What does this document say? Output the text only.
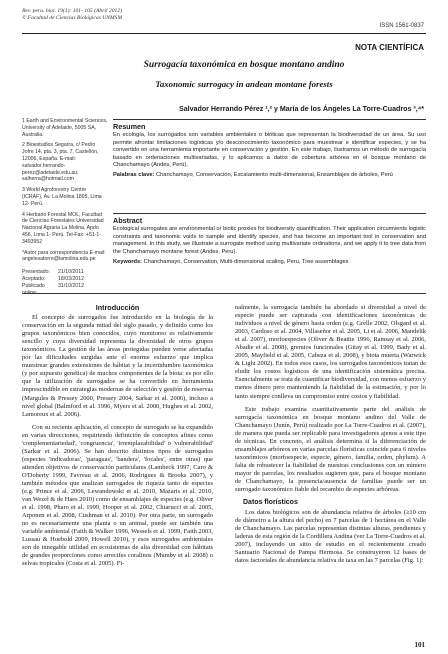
Rev. peru. biol. 19(1): 101- 105 (Abril 2012)
© Facultad de Ciencias Biológicas UNMSM
ISSN 1561-0837
NOTA CIENTÍFICA
Surrogacía taxonómica en bosque montano andino
Taxonomic surrogacy in andean montane forests
Salvador Herrando Pérez ¹,² y María de los Ángeles La Torre-Cuadros ³,⁴*

1 Earth and Environmental Sciences, University of Adelaide, 5005 SA, Australia.

2 Bioestudios Segarra, c/ Pedro Jofre 14, pta. 3, pta. 7, Castellón, 12006, España. E-mail: salvador.herrando-perez@adelaide.edu.au; salherra@hotmail.com

3 World Agroforestry Centre (ICRAF), Av. La Molina 1895, Lima 12- Perú.

4 Herbario Forestal MOL, Facultad de Ciencias Forestales Universidad Nacional Agraria La Molina, Apdo 456, Lima 1- Perú. Tel-Fax: +51-1-3493952

*Autor para correspondencia E-mail: angelesatorre@lamolina.edu.pe

Presentado:	21/10/2011
Aceptado:	18/03/2012
Publicado online:
31/10/2012
Resumen
En ecología, los surrogados son variables ambientales o bióticas que representan la biodiversidad de un área. Su uso permite afrontar limitaciones logísticas y/o desconocimiento taxonómico para muestrear e identificar especies, y se ha convertido en una herramienta importante en conservación y gestión. En este trabajo, ilustramos un método de surrogacía basado en ordenaciones multivariadas, y lo aplicamos a datos de cobertura arbórea en el bosque montano de Chanchamayo (Andes, Perú).
Palabras clave: Chanchamayo, Conservación, Escalamiento multi-dimensional, Ensamblajes de árboles, Perú
Abstract
Ecological surrogates are environmental or biotic proxies for biodiversity quantification. Their application circumvents logistic constraints and taxonomic voids to sample and identify species, and has become an important tool in conservation and management. In this study, we illustrate a surrogate method using multivariate ordinations, and we apply it to tree data from the Chanchamayo montane forest (Andes, Peru).
Keywords: Chanchamayo, Conservation, Multi-dimensional scaling, Peru, Tree assemblages
Introducción

El concepto de surrogados fue introducido en la biología de la conservación en la segunda mitad del siglo pasado, y definido como los grupos taxonómicos bien conocidos, cuyo monitoreo es relativamente sencillo y cuya diversidad representa la diversidad de otros grupos taxonómicos. La gestión de las áreas protegidas pueden verse afectadas por las dificultades surgidas ante el enorme esfuerzo que implica muestrear grandes extensiones de hábitat y la incertidumbre taxonómica (y por supuesto genética) de muchos componentes de la biota: es por ello que la utilización de surrogados se ha convertido en herramienta imprescindible en estrategias modernas de selección y gestión de reservas (Margules & Pressey 2000, Pressey 2004, Sarkar et al. 2006), incluso a nivel global (Balmford et al. 1996, Myers et al. 2000, Hughes et al. 2002, Lamoreux et al. 2006).

Con su reciente aplicación, el concepto de surrogado se ha expandido en varias direcciones, requiriendo definición de conceptos afines como 'complementariedad', 'congruencia', 'irremplazabilidad' o 'vulnerabilidad' (Sarkar et al. 2006). Se han descrito distintos tipos de surrogados (especies 'indicadoras', 'paraguas', 'bandera', 'focales', entre otras) que atienden objetivos de conservación particulares (Lambeck 1997, Caro & O'Doherty 1999, Favreau et al. 2006, Rodrigues & Brooks 2007), y también métodos que analizan surrogados de riqueza tanto de especies (e.g. Prince et al. 2006, Lewandowski et al. 2010, Mazaris et al. 2010, van Wezel & de Haes 2010) como de ensamblajes de especies (e.g. Oliver et al. 1998, Pharo et al. 1999, Hooper et al. 2002, Chiarucci et al. 2005, Arponen et al. 2008, Cushman et al. 2010). Por otra parte, un surrogado no es necesariamente una planta o un animal, puede ser también una variable ambiental (Faith & Walker 1996, Wessels et al. 1999, Faith 2003, Lussau & Hoebold 2009, Howell 2010), y esos surrogados ambientales son de innegable utilidad en ecosistemas de alta diversidad con hábitats de grandes proporciones como arrecifes coralinos (Mumby et al. 2008) o selvas tropicales (Costa et al. 2005). Fi-

nalmente, la surrogacía también ha abordado si diversidad a nivel de especie puede ser capturada con identificaciones taxonómicas de individuos a nivel de género hasta orden (e.g. Grelle 2002, Olsgard et al. 2003, Cardoso et al. 2004, Villaseñor et al. 2005, Li et al. 2006, Mandelik et al. 2007), morfoespecies (Oliver & Beattie 1996, Ramsay et al. 2006, Abadie et al. 2008), gremios funcionales (Gitay et al. 1999, Bady et al. 2005, Mayfield et al. 2005, Cabeza et al. 2008), y biota muerta (Warwick & Light 2002). En todos esos casos, los surrogados taxonómicos tratan de eludir los costos logísticos de una identificación sistemática precisa. Esencialmente se trata de cuantificar biodiversidad, con menos esfuerzo y menos dinero pero manteniendo la fiabilidad de la estimación, y por lo tanto siempre conlleva un compromiso entre costos y fiabilidad.

Este trabajo examina cuantitativamente parte del análisis de surrogacía taxonómica en bosque montano andino del Valle de Chanchamayo (Junín, Perú) realizado por La Torre-Cuadros et al. (2007), de manera que pueda ser replicable para investigadores ajenos a este tipo de técnicas. En concreto, el análisis determina si la diferenciación de ensamblajes arbóreos en varias parcelas florísticas coincide para 6 niveles taxonómicos (morfoespecie, especie, género, familia, orden, phylum). A falta de robustecer la fiabilidad de nuestras conclusiones con un número mayor de parcelas, los resultados sugieren que, para el bosque montano de Chanchamayo, la presencia/ausencia de familias puede ser un surrogado taxonómico fiable del recambio de especies arbóreas.

Datos florísticos

Los datos biológicos son de abundancia relativa de árboles (≥10 cm de diámetro a la altura del pecho) en 7 parcelas de 1 hectárea en el Valle de Chanchamayo. Las parcelas representan distintas alturas, pendientes y laderas de esta región de la Cordillera Andina (ver La Torre-Cuadros et al. 2007), incluyendo un sitio de estudio en el recientemente creado Santuario Nacional de Pampa Hermosa. Se construyeron 12 bases de datos factoriales de abundancia relativa de taxa en las 7 parcelas (Fig. 1):

101
